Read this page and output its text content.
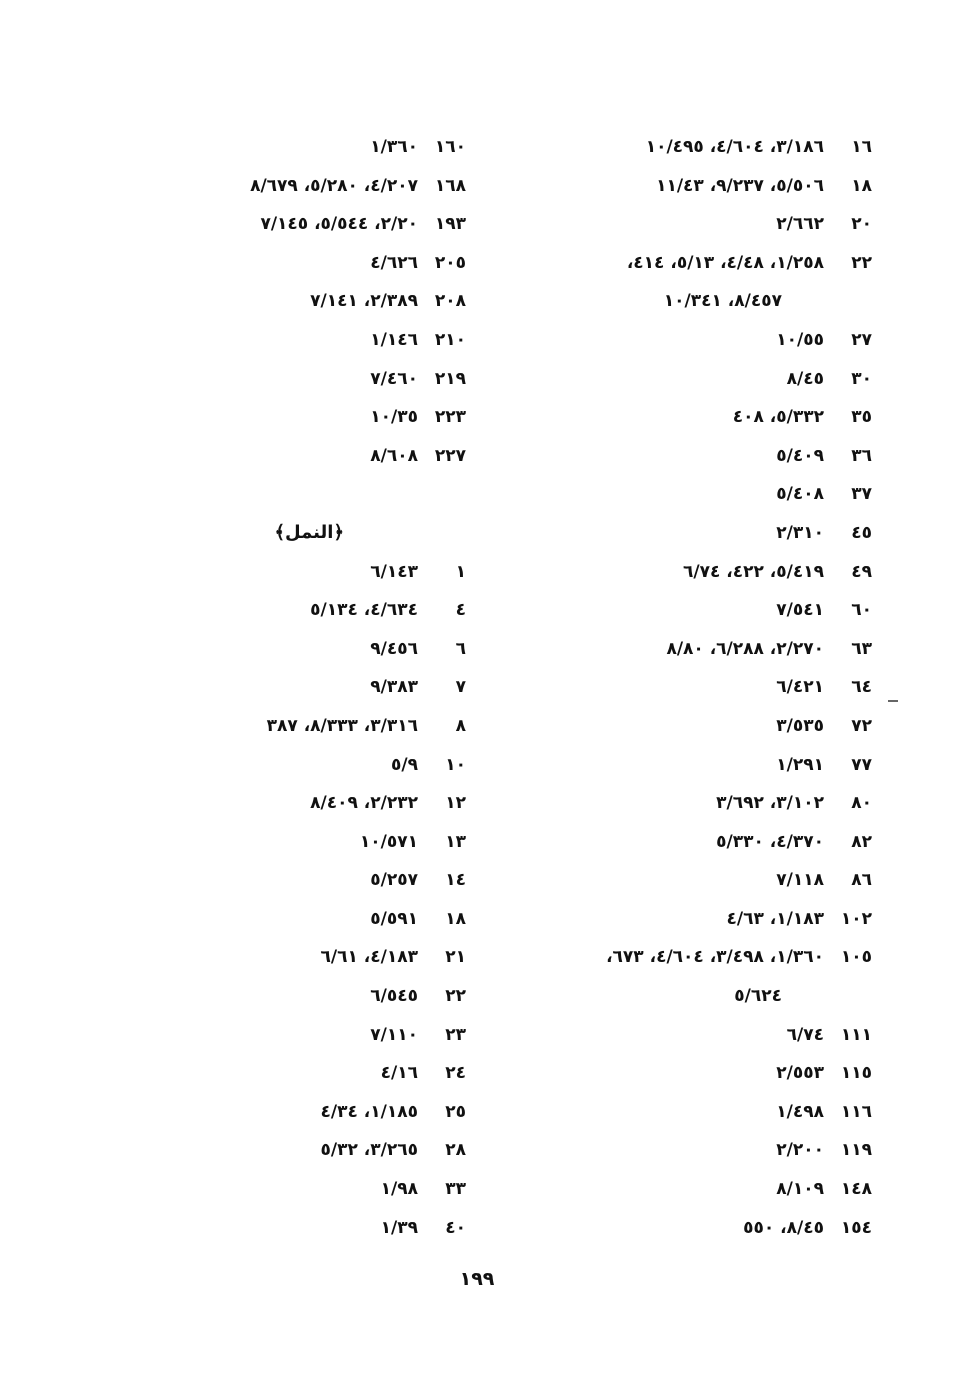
١٦
٣/١٨٦، ٤/٦٠٤، ١٠/٤٩٥
١٨
٥/٥٠٦، ٩/٢٣٧، ١١/٤٣
٢٠
٢/٦٦٢
٢٢
١/٢٥٨، ٤/٤٨، ٥/١٣، ٤١٤،
٨/٤٥٧، ١٠/٣٤١
٢٧
١٠/٥٥
٣٠
٨/٤٥
٣٥
٥/٣٣٢، ٤٠٨
٣٦
٥/٤٠٩
٣٧
٥/٤٠٨
٤٥
٢/٣١٠
٤٩
٥/٤١٩، ٤٢٢، ٦/٧٤
٦٠
٧/٥٤١
٦٣
٢/٢٧٠، ٦/٢٨٨، ٨/٨٠
٦٤
٦/٤٢١
٧٢
٣/٥٣٥
٧٧
١/٢٩١
٨٠
٣/١٠٢، ٣/٦٩٢
٨٢
٤/٣٧٠، ٥/٣٣٠
٨٦
٧/١١٨
١٠٢
١/١٨٣، ٤/٦٣
١٠٥
١/٣٦٠، ٣/٤٩٨، ٤/٦٠٤، ٦٧٣،
٥/٦٢٤
١١١
٦/٧٤
١١٥
٢/٥٥٣
١١٦
١/٤٩٨
١١٩
٢/٢٠٠
١٤٨
٨/١٠٩
١٥٤
٨/٤٥، ٥٥٠
١٦٠
١/٣٦٠
١٦٨
٤/٢٠٧، ٥/٢٨٠، ٨/٦٧٩
١٩٣
٢/٢٠، ٥/٥٤٤، ٧/١٤٥
٢٠٥
٤/٦٢٦
٢٠٨
٢/٣٨٩، ٧/١٤١
٢١٠
١/١٤٦
٢١٩
٧/٤٦٠
٢٢٣
١٠/٣٥
٢٢٧
٨/٦٠٨
﴿النمل﴾
١
٦/١٤٣
٤
٤/٦٣٤، ٥/١٣٤
٦
٩/٤٥٦
٧
٩/٣٨٣
٨
٣/٣١٦، ٨/٣٣٣، ٣٨٧
١٠
٥/٩
١٢
٢/٢٣٢، ٨/٤٠٩
١٣
١٠/٥٧١
١٤
٥/٢٥٧
١٨
٥/٥٩١
٢١
٤/١٨٣، ٦/٦١
٢٢
٦/٥٤٥
٢٣
٧/١١٠
٢٤
٤/١٦
٢٥
١/١٨٥، ٤/٣٤
٢٨
٣/٢٦٥، ٥/٣٢
٣٣
١/٩٨
٤٠
١/٣٩
١٩٩
